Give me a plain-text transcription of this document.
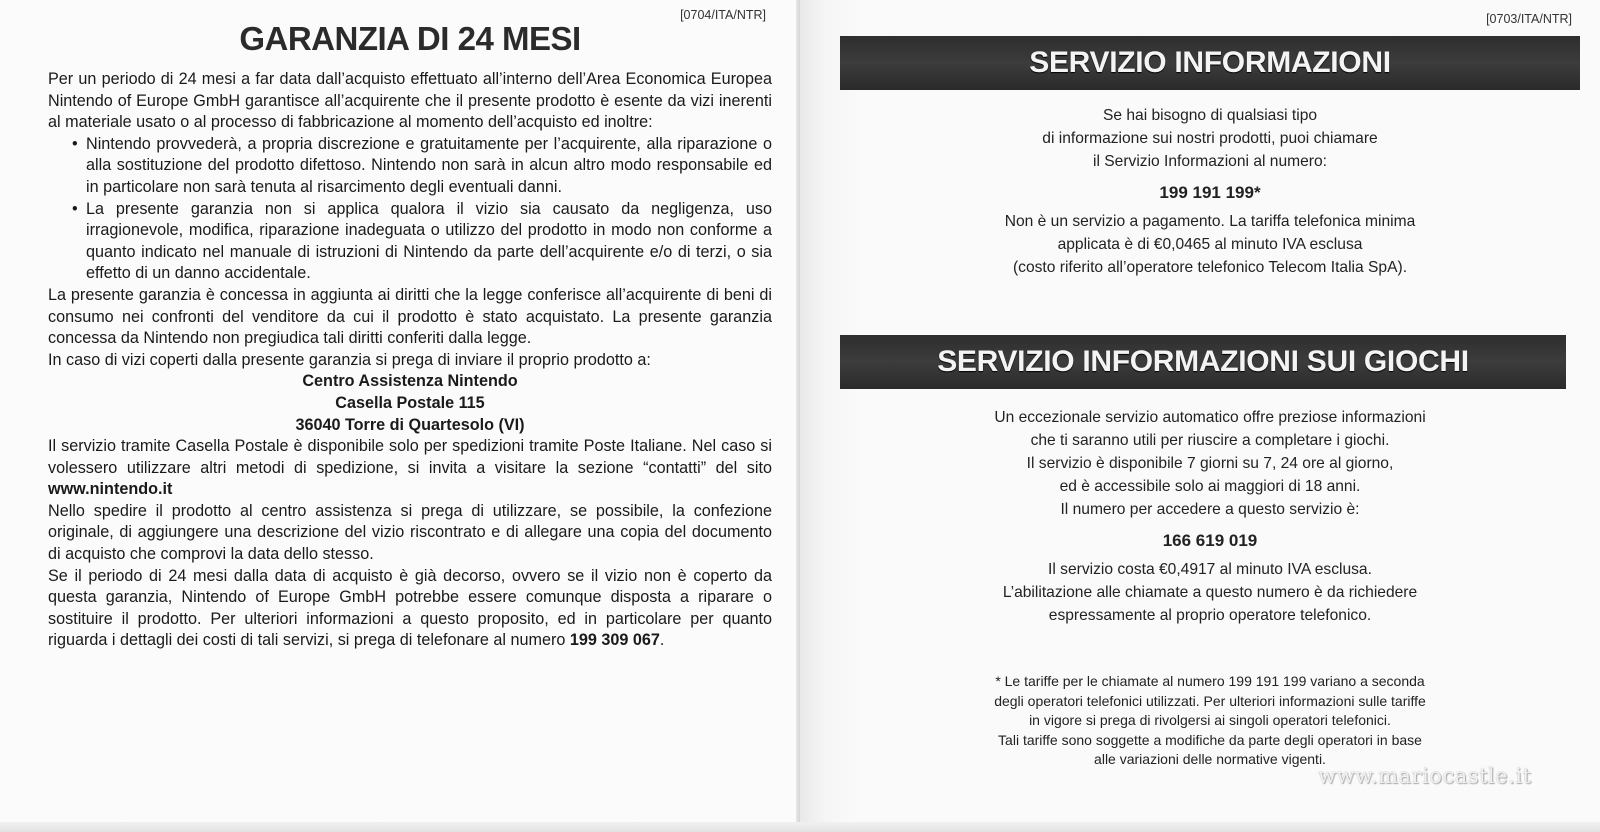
[0704/ITA/NTR]
GARANZIA DI 24 MESI

Per un periodo di 24 mesi a far data dall’acquisto effettuato all’interno dell’Area Economica Europea Nintendo of Europe GmbH garantisce all’acquirente che il presente prodotto è esente da vizi inerenti al materiale usato o al processo di fabbricazione al momento dell’acquisto ed inoltre:

• Nintendo provvederà, a propria discrezione e gratuitamente per l’acquirente, alla riparazione o alla sostituzione del prodotto difettoso. Nintendo non sarà in alcun altro modo responsabile ed in particolare non sarà tenuta al risarcimento degli eventuali danni.
• La presente garanzia non si applica qualora il vizio sia causato da negligenza, uso irragionevole, modifica, riparazione inadeguata o utilizzo del prodotto in modo non conforme a quanto indicato nel manuale di istruzioni di Nintendo da parte dell’acquirente e/o di terzi, o sia effetto di un danno accidentale.

La presente garanzia è concessa in aggiunta ai diritti che la legge conferisce all’acquirente di beni di consumo nei confronti del venditore da cui il prodotto è stato acquistato. La presente garanzia concessa da Nintendo non pregiudica tali diritti conferiti dalla legge.

In caso di vizi coperti dalla presente garanzia si prega di inviare il proprio prodotto a:

Centro Assistenza Nintendo
Casella Postale 115
36040 Torre di Quartesolo (VI)

Il servizio tramite Casella Postale è disponibile solo per spedizioni tramite Poste Italiane. Nel caso si volessero utilizzare altri metodi di spedizione, si invita a visitare la sezione “contatti” del sito www.nintendo.it

Nello spedire il prodotto al centro assistenza si prega di utilizzare, se possibile, la confezione originale, di aggiungere una descrizione del vizio riscontrato e di allegare una copia del documento di acquisto che comprovi la data dello stesso.

Se il periodo di 24 mesi dalla data di acquisto è già decorso, ovvero se il vizio non è coperto da questa garanzia, Nintendo of Europe GmbH potrebbe essere comunque disposta a riparare o sostituire il prodotto. Per ulteriori informazioni a questo proposito, ed in particolare per quanto riguarda i dettagli dei costi di tali servizi, si prega di telefonare al numero 199 309 067.

[0703/ITA/NTR]
SERVIZIO INFORMAZIONI

Se hai bisogno di qualsiasi tipo

di informazione sui nostri prodotti, puoi chiamare

il Servizio Informazioni al numero:

199 191 199*

Non è un servizio a pagamento. La tariffa telefonica minima

applicata è di €0,0465 al minuto IVA esclusa

(costo riferito all’operatore telefonico Telecom Italia SpA).

SERVIZIO INFORMAZIONI SUI GIOCHI

Un eccezionale servizio automatico offre preziose informazioni

che ti saranno utili per riuscire a completare i giochi.

Il servizio è disponibile 7 giorni su 7, 24 ore al giorno,

ed è accessibile solo ai maggiori di 18 anni.

Il numero per accedere a questo servizio è:

166 619 019

Il servizio costa €0,4917 al minuto IVA esclusa.

L’abilitazione alle chiamate a questo numero è da richiedere

espressamente al proprio operatore telefonico.

* Le tariffe per le chiamate al numero 199 191 199 variano a seconda

degli operatori telefonici utilizzati. Per ulteriori informazioni sulle tariffe

in vigore si prega di rivolgersi ai singoli operatori telefonici.

Tali tariffe sono soggette a modifiche da parte degli operatori in base

alle variazioni delle normative vigenti.

www.mariocastle.it
